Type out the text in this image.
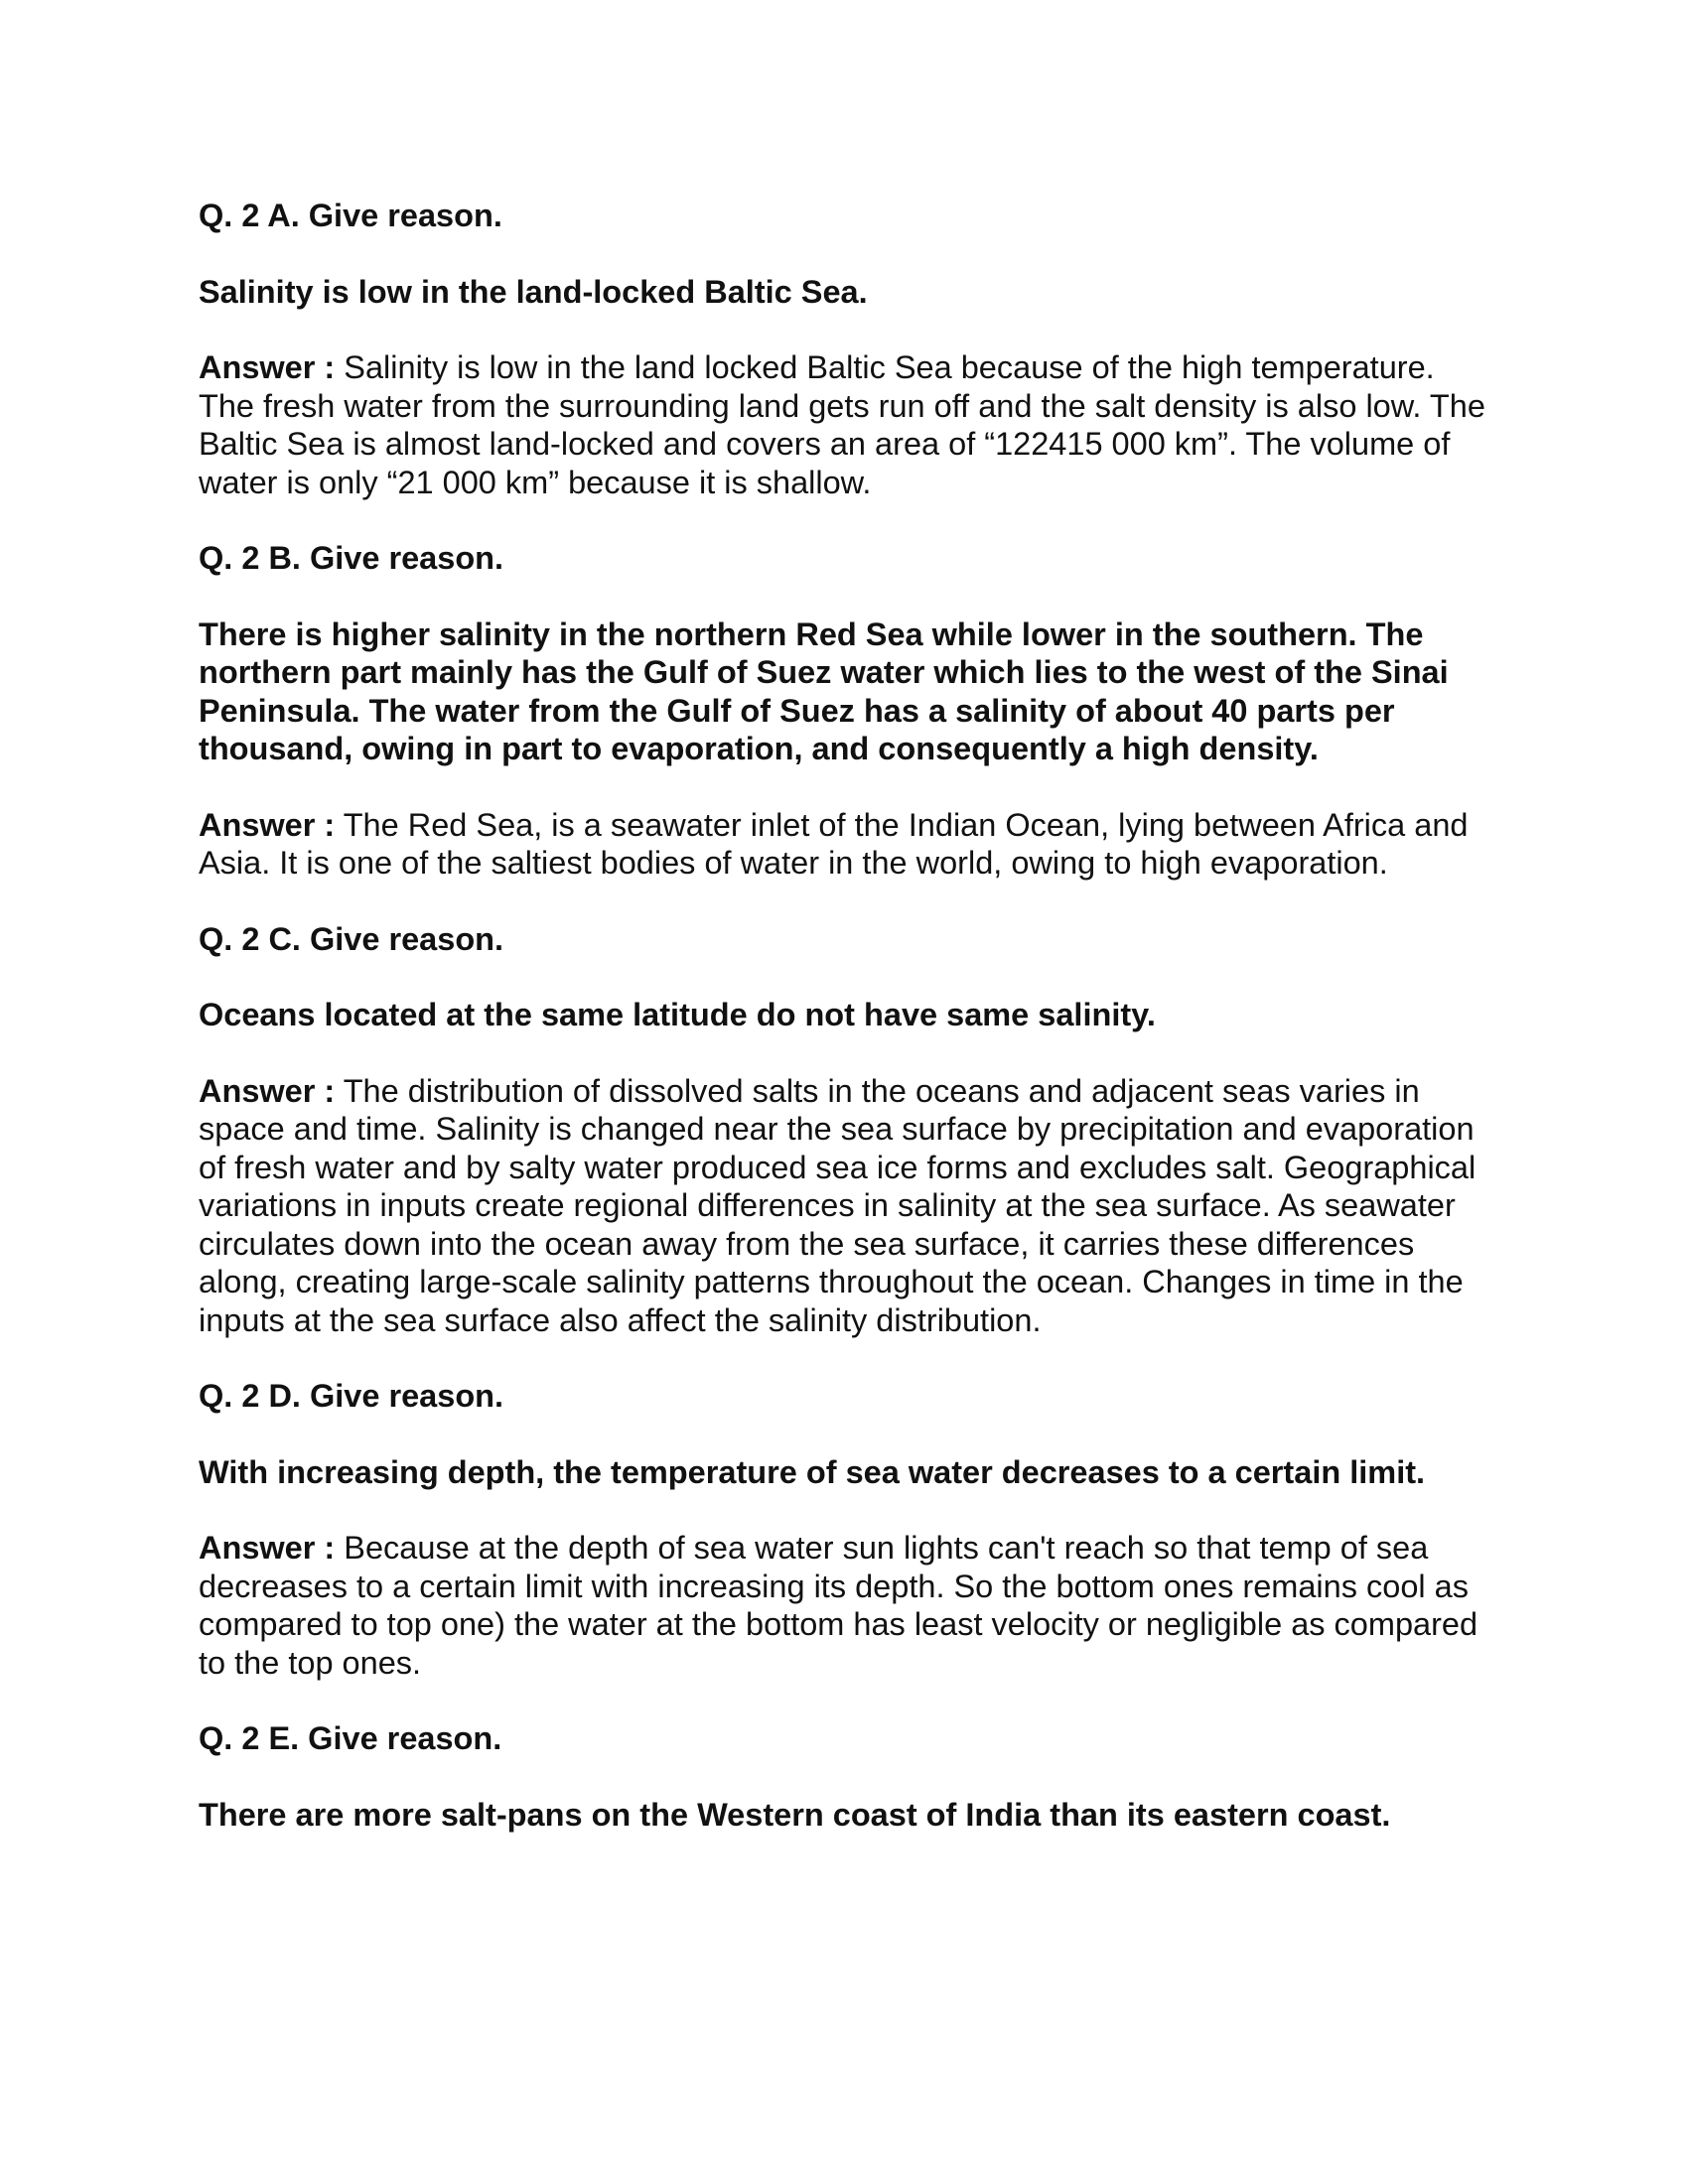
Q. 2 A. Give reason.
Salinity is low in the land-locked Baltic Sea.
Answer : Salinity is low in the land locked Baltic Sea because of the high temperature. The fresh water from the surrounding land gets run off and the salt density is also low. The Baltic Sea is almost land-locked and covers an area of “122415 000 km”. The volume of water is only “21 000 km” because it is shallow.
Q. 2 B. Give reason.
There is higher salinity in the northern Red Sea while lower in the southern. The northern part mainly has the Gulf of Suez water which lies to the west of the Sinai Peninsula. The water from the Gulf of Suez has a salinity of about 40 parts per thousand, owing in part to evaporation, and consequently a high density.
Answer : The Red Sea, is a seawater inlet of the Indian Ocean, lying between Africa and Asia. It is one of the saltiest bodies of water in the world, owing to high evaporation.
Q. 2 C. Give reason.
Oceans located at the same latitude do not have same salinity.
Answer : The distribution of dissolved salts in the oceans and adjacent seas varies in space and time. Salinity is changed near the sea surface by precipitation and evaporation of fresh water and by salty water produced sea ice forms and excludes salt. Geographical variations in inputs create regional differences in salinity at the sea surface. As seawater circulates down into the ocean away from the sea surface, it carries these differences along, creating large-scale salinity patterns throughout the ocean. Changes in time in the inputs at the sea surface also affect the salinity distribution.
Q. 2 D. Give reason.
With increasing depth, the temperature of sea water decreases to a certain limit.
Answer : Because at the depth of sea water sun lights can't reach so that temp of sea decreases to a certain limit with increasing its depth. So the bottom ones remains cool as compared to top one) the water at the bottom has least velocity or negligible as compared to the top ones.
Q. 2 E. Give reason.
There are more salt-pans on the Western coast of India than its eastern coast.
